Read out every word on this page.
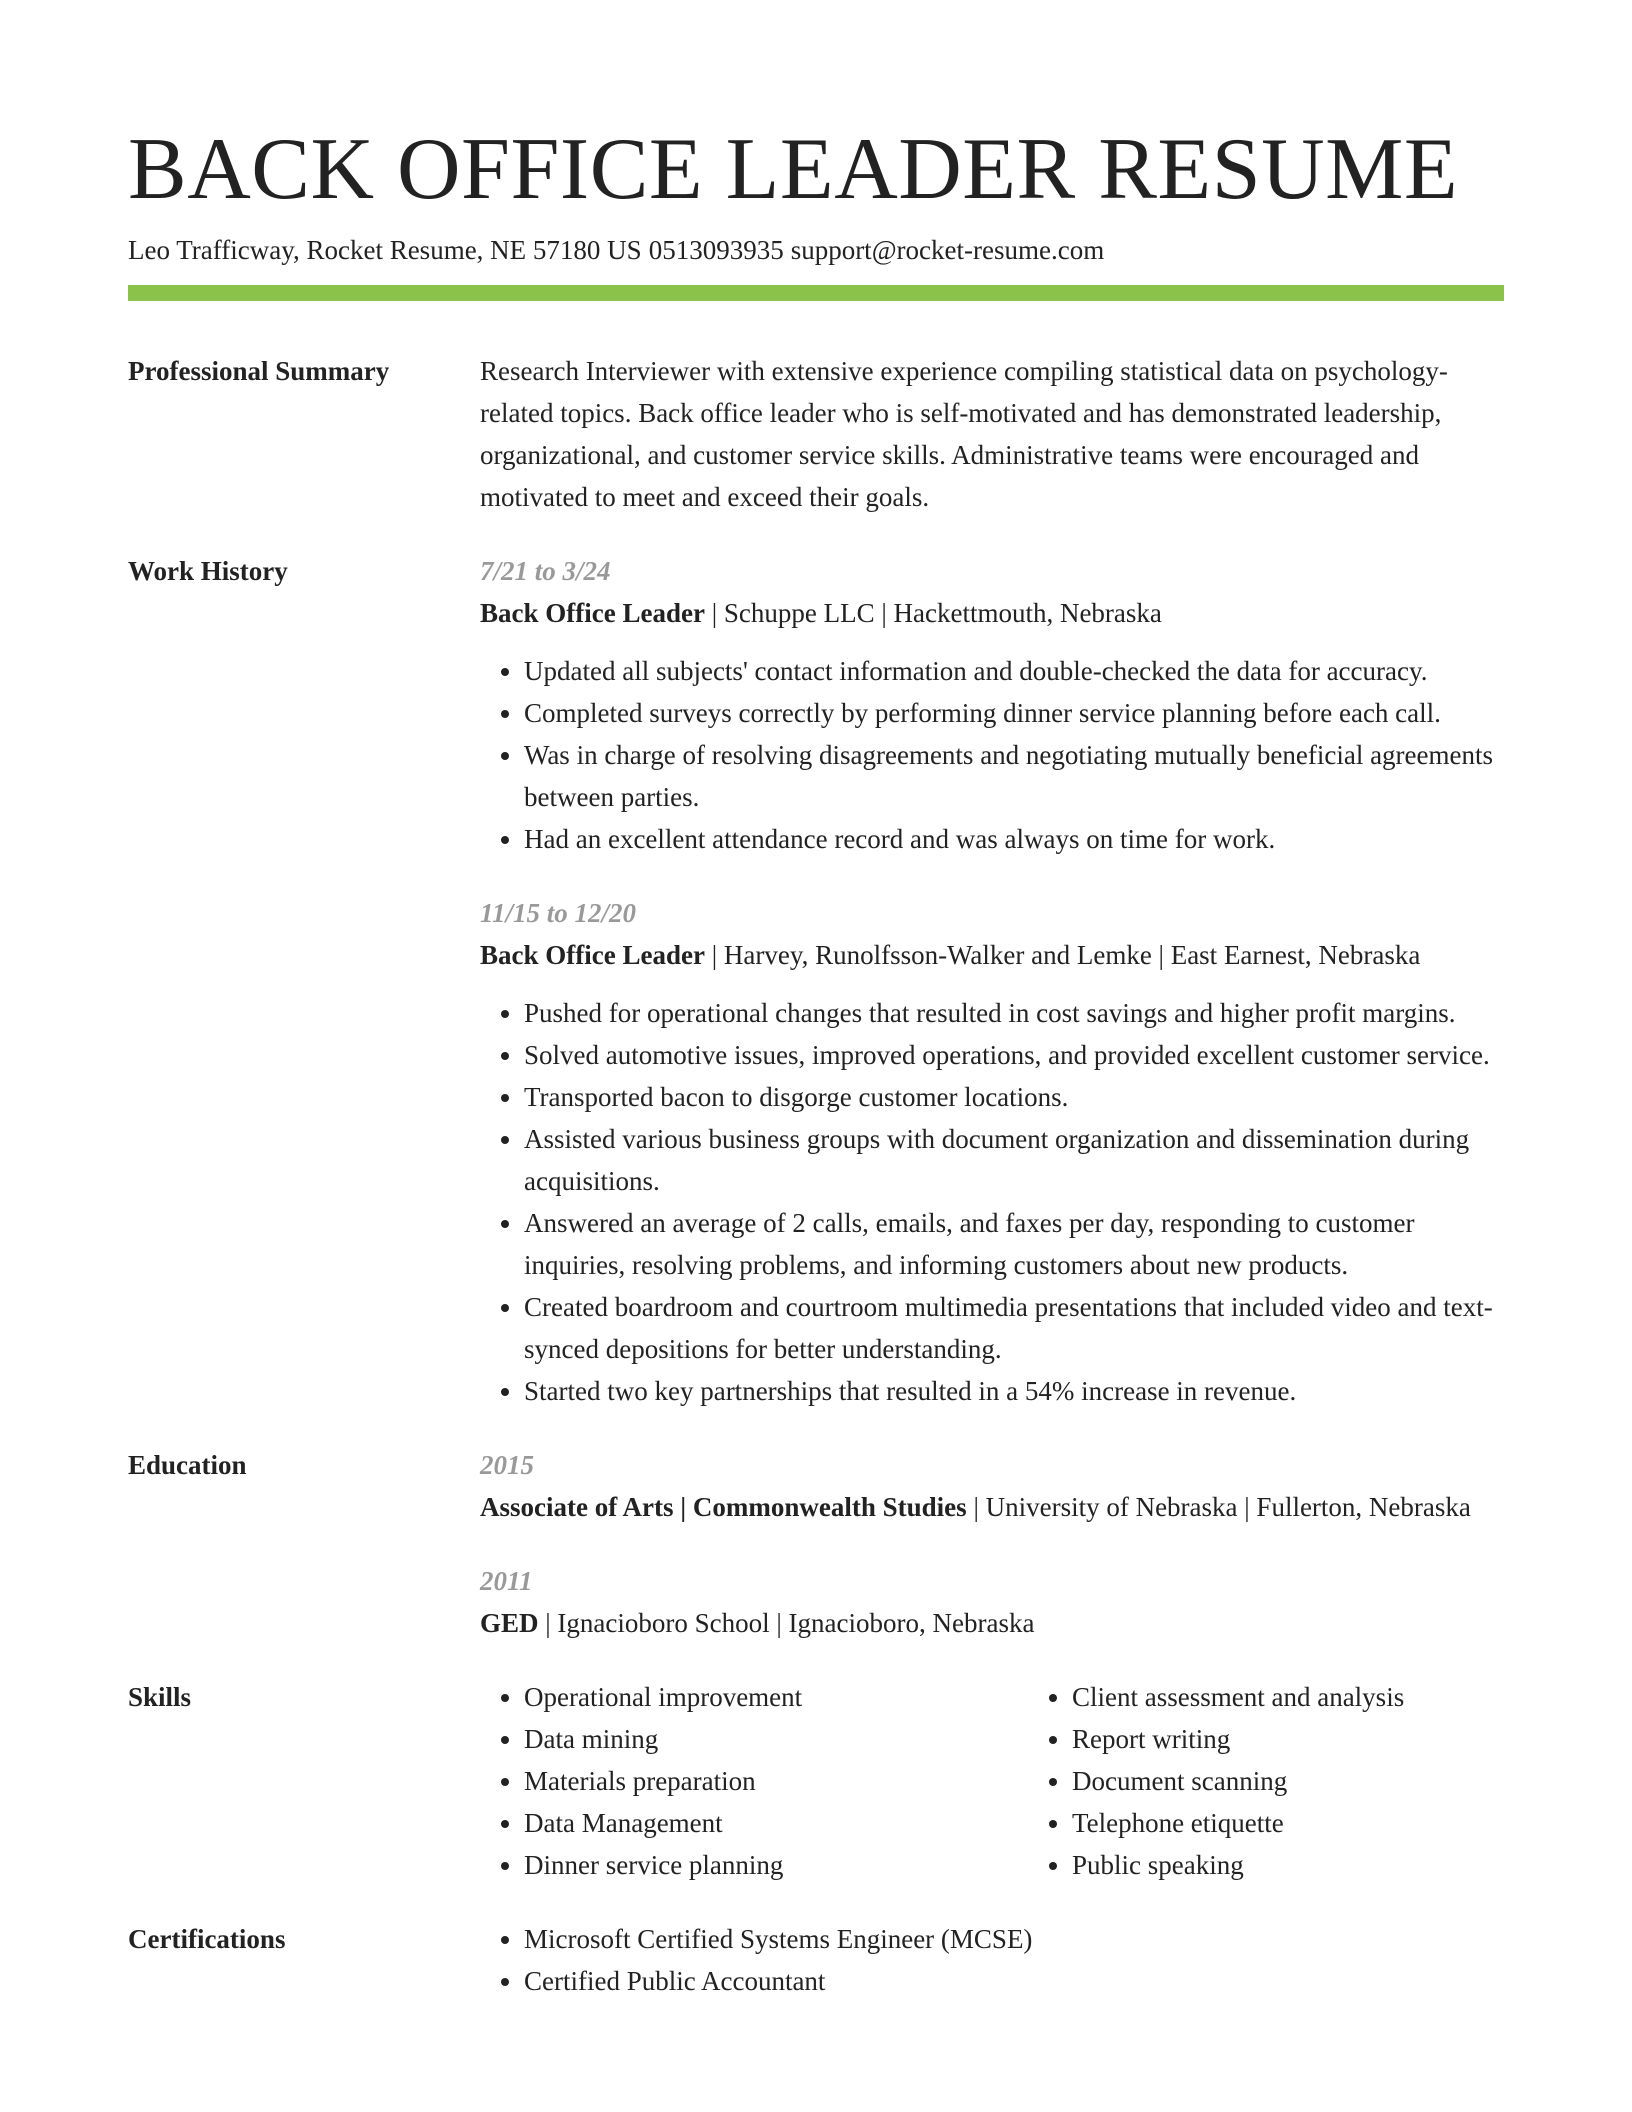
BACK OFFICE LEADER RESUME
Leo Trafficway, Rocket Resume, NE 57180 US 0513093935 support@rocket-resume.com
Professional Summary	Research Interviewer with extensive experience compiling statistical data on psychology-related topics. Back office leader who is self-motivated and has demonstrated leadership, organizational, and customer service skills. Administrative teams were encouraged and motivated to meet and exceed their goals.

Work History	7/21 to 3/24
Back Office Leader | Schuppe LLC | Hackettmouth, Nebraska
• Updated all subjects' contact information and double-checked the data for accuracy.
• Completed surveys correctly by performing dinner service planning before each call.
• Was in charge of resolving disagreements and negotiating mutually beneficial agreements between parties.
• Had an excellent attendance record and was always on time for work.
11/15 to 12/20
Back Office Leader | Harvey, Runolfsson-Walker and Lemke | East Earnest, Nebraska
• Pushed for operational changes that resulted in cost savings and higher profit margins.
• Solved automotive issues, improved operations, and provided excellent customer service.
• Transported bacon to disgorge customer locations.
• Assisted various business groups with document organization and dissemination during acquisitions.
• Answered an average of 2 calls, emails, and faxes per day, responding to customer inquiries, resolving problems, and informing customers about new products.
• Created boardroom and courtroom multimedia presentations that included video and text-synced depositions for better understanding.
• Started two key partnerships that resulted in a 54% increase in revenue.
Education	2015
Associate of Arts | Commonwealth Studies | University of Nebraska | Fullerton, Nebraska
2011
GED | Ignacioboro School | Ignacioboro, Nebraska
Skills	• Operational improvement
• Data mining
• Materials preparation
• Data Management
• Dinner service planning
• Client assessment and analysis
• Report writing
• Document scanning
• Telephone etiquette
• Public speaking
Certifications	• Microsoft Certified Systems Engineer (MCSE)
• Certified Public Accountant
